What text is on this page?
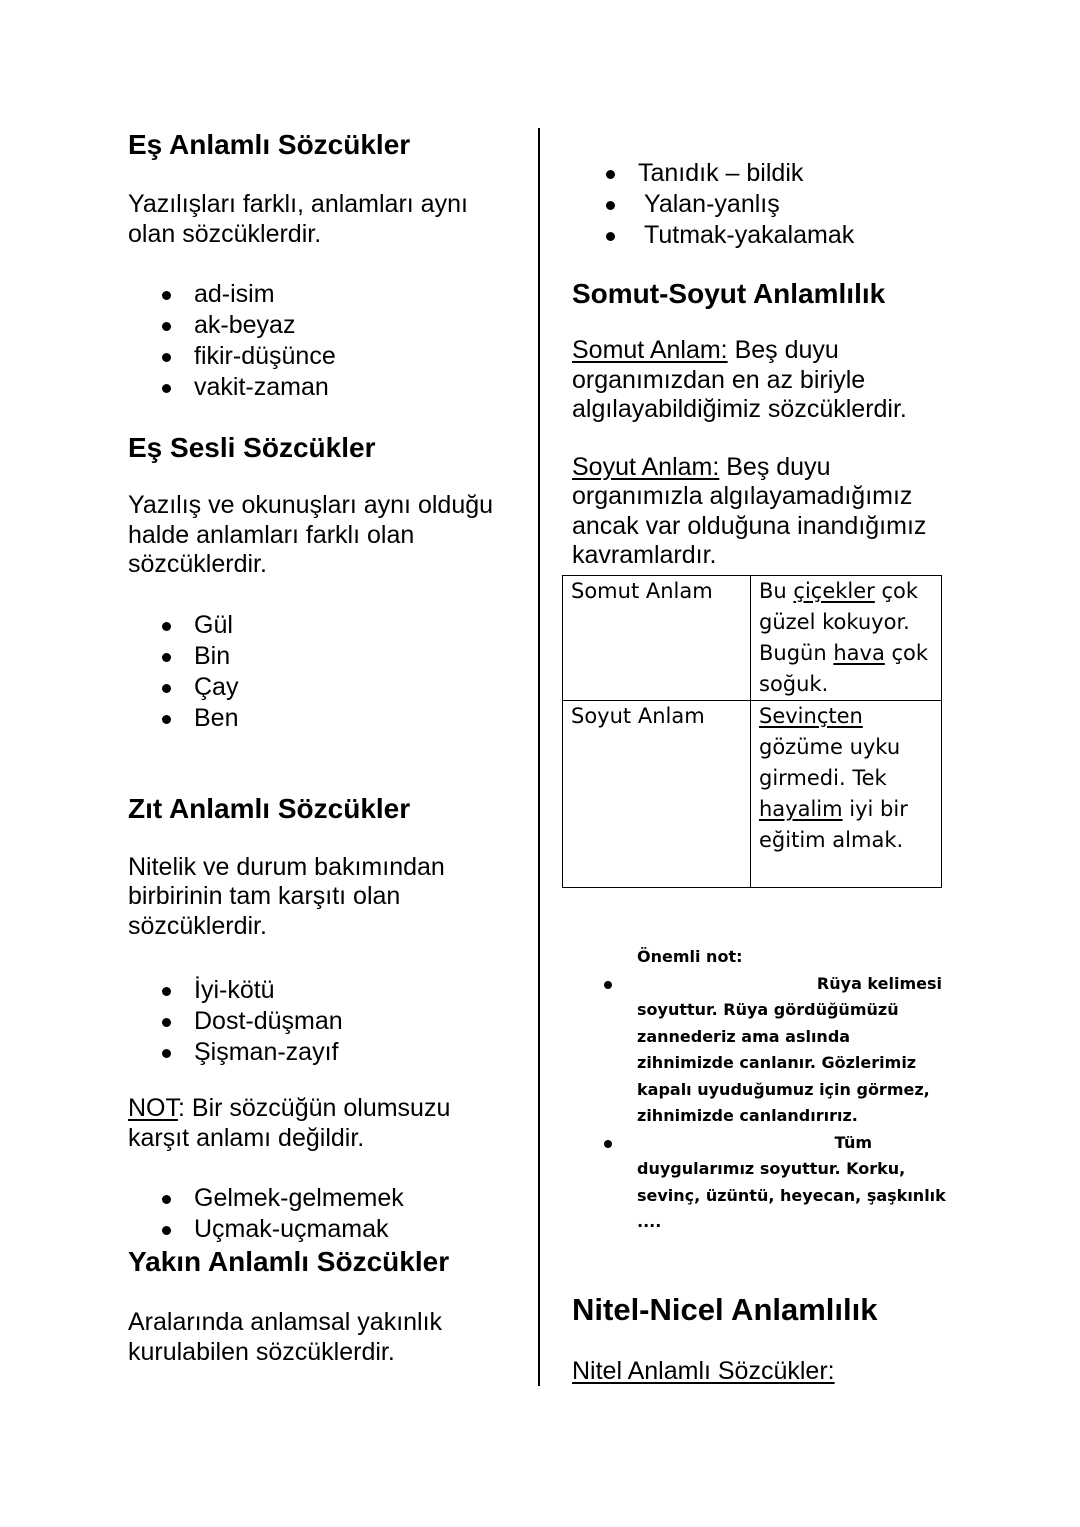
Eş Anlamlı Sözcükler

Yazılışları farklı, anlamları aynı
olan sözcüklerdir.

ad-isim
ak-beyaz
fikir-düşünce
vakit-zaman
Eş Sesli Sözcükler

Yazılış ve okunuşları aynı olduğu
halde anlamları farklı olan
sözcüklerdir.

Gül
Bin
Çay
Ben
Zıt Anlamlı Sözcükler

Nitelik ve durum bakımından
birbirinin tam karşıtı olan
sözcüklerdir.

İyi-kötü
Dost-düşman
Şişman-zayıf

NOT: Bir sözcüğün olumsuzu
karşıt anlamı değildir.

Gelmek-gelmemek
Uçmak-uçmamak
Yakın Anlamlı Sözcükler

Aralarında anlamsal yakınlık
kurulabilen sözcüklerdir.

Tanıdık – bildik
Yalan-yanlış
Tutmak-yakalamak
Somut-Soyut Anlamlılık

Somut Anlam: Beş duyu
organımızdan en az biriyle
algılayabildiğimiz sözcüklerdir.

Soyut Anlam: Beş duyu
organımızla algılayamadığımız
ancak var olduğuna inandığımız
kavramlardır.

Somut Anlam	Bu çiçekler çok güzel kokuyor. Bugün hava çok soğuk.
Soyut Anlam	Sevinçten gözüme uyku girmedi. Tek hayalim iyi bir eğitim almak.
Önemli not:
Rüya kelimesi
soyuttur. Rüya gördüğümüzü zannederiz ama aslında zihnimizde canlanır. Gözlerimiz kapalı uyuduğumuz için görmez, zihnimizde canlandırırız.
Tüm
duygularımız soyuttur. Korku, sevinç, üzüntü, heyecan, şaşkınlık ....
Nitel-Nicel Anlamlılık

Nitel Anlamlı Sözcükler:
